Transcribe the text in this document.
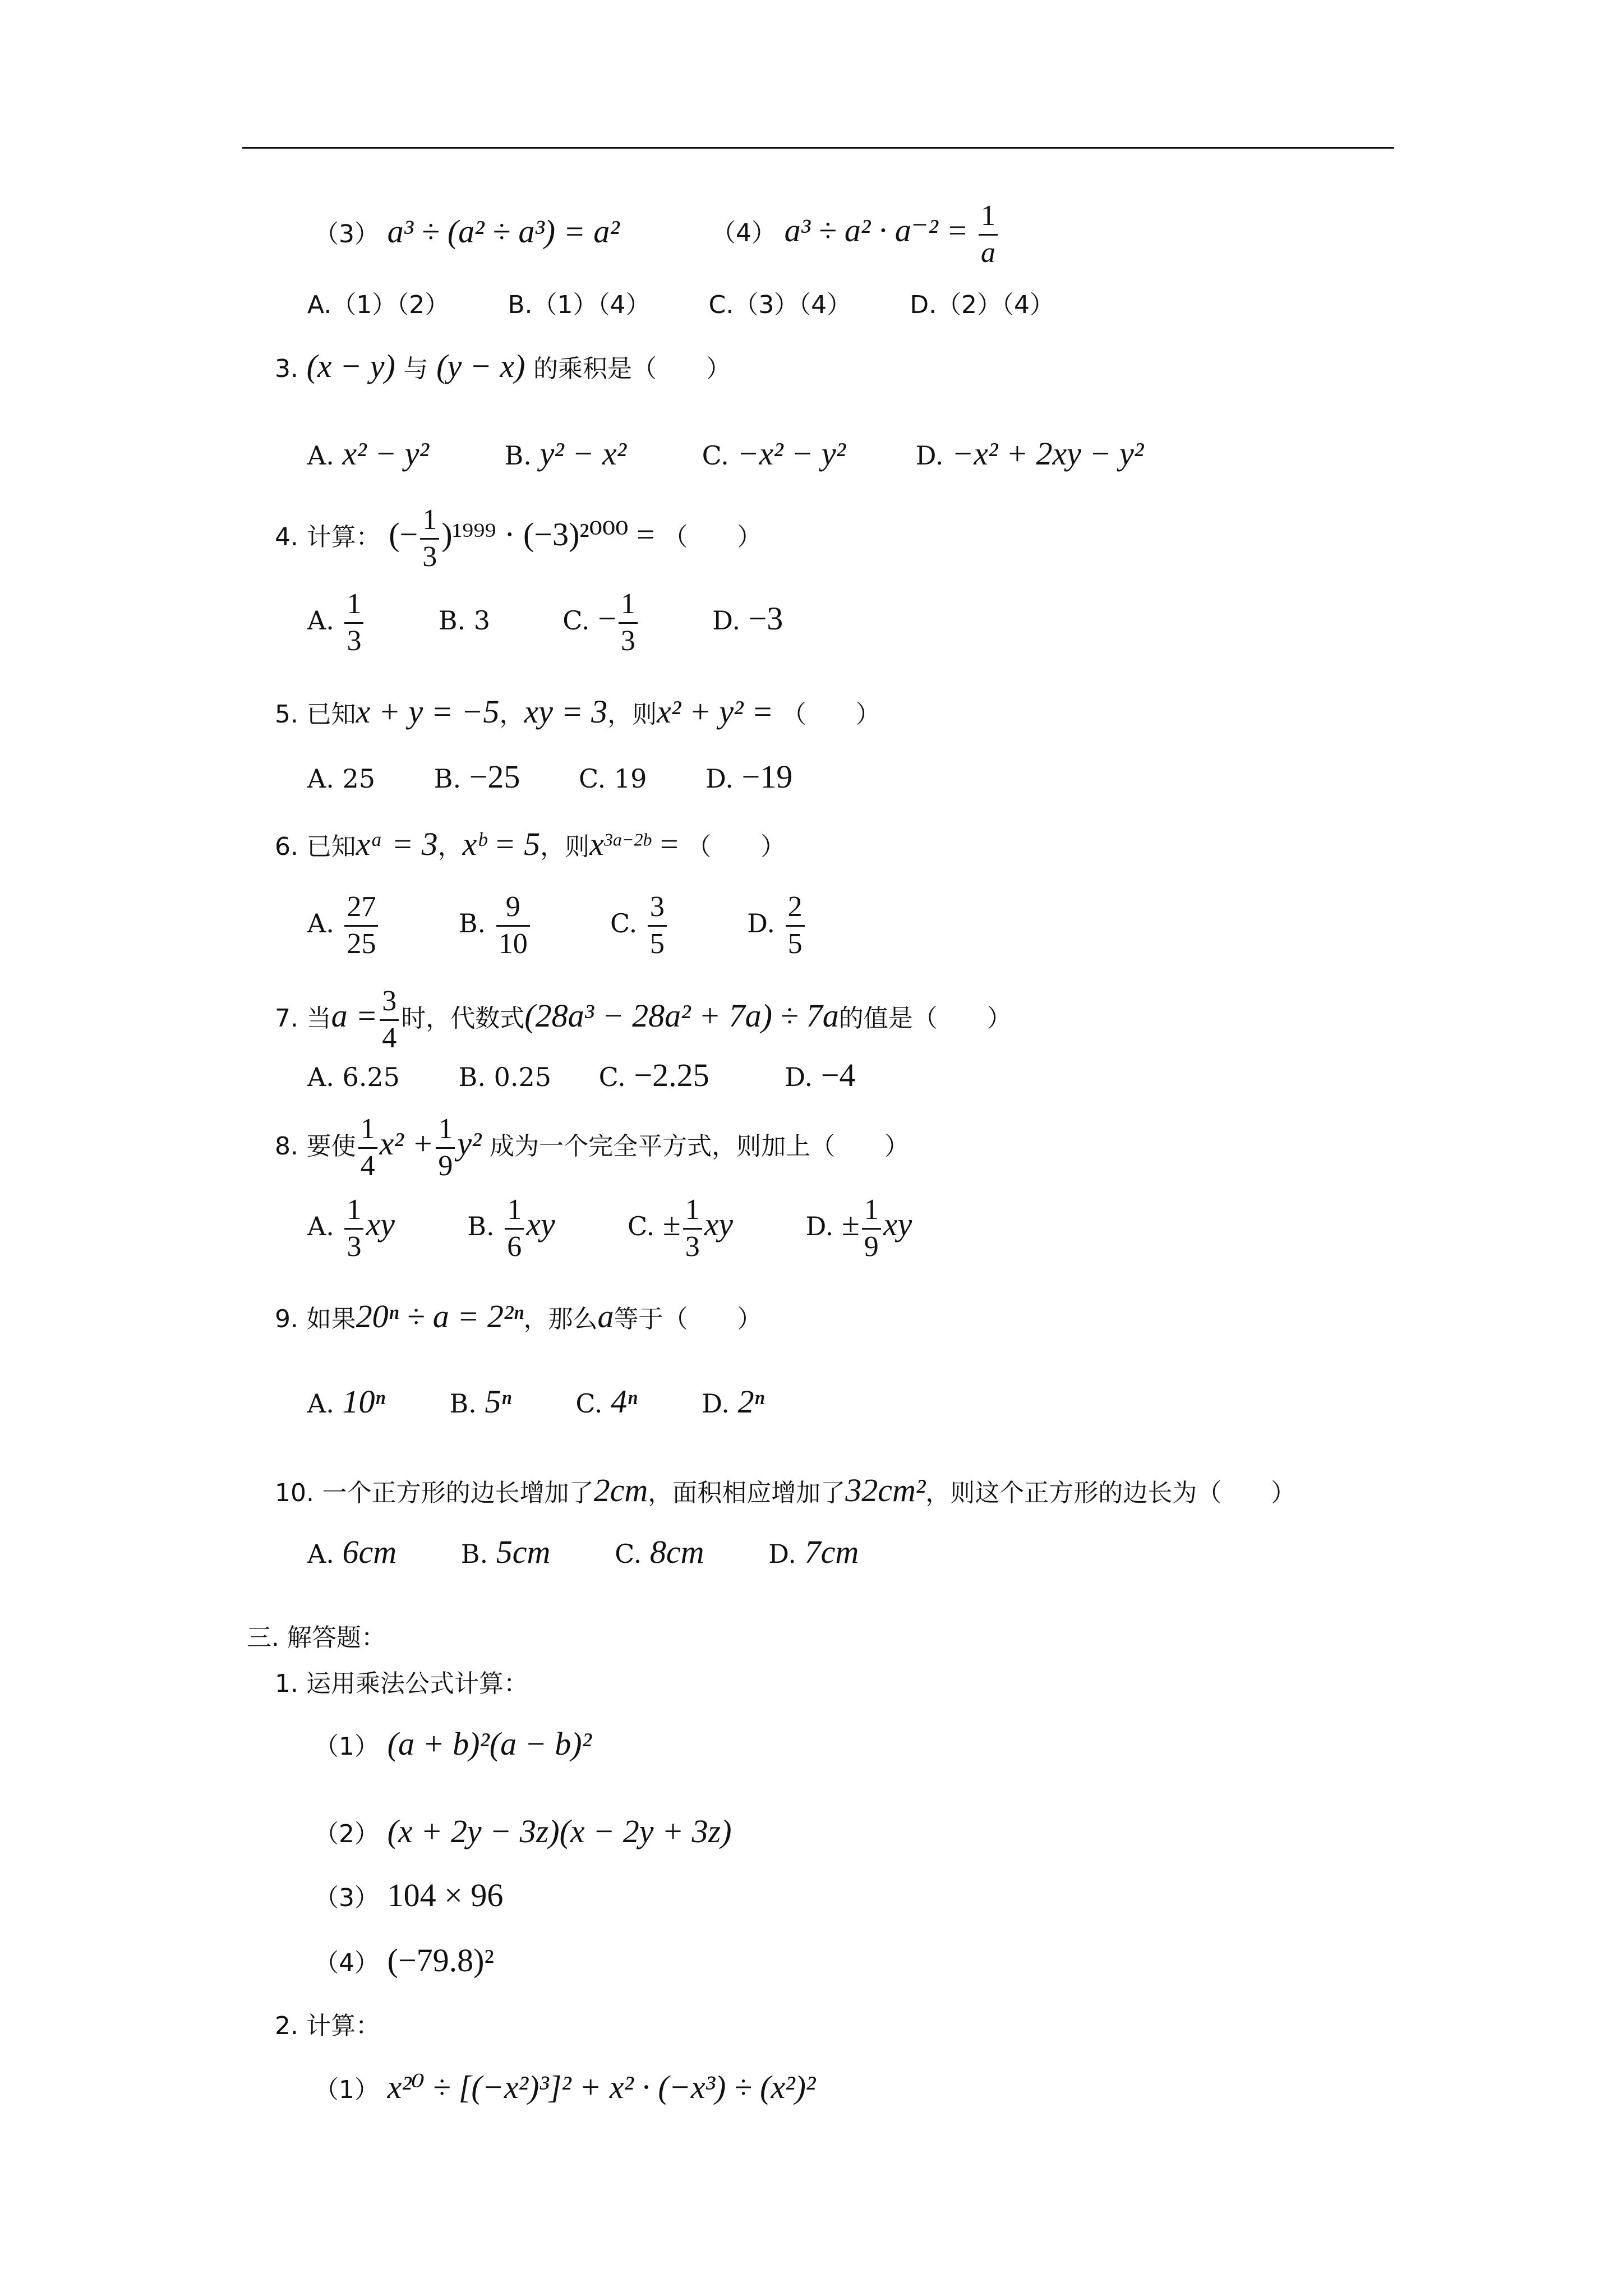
（3） a³ ÷ (a² ÷ a³) = a²	（4） $a^3 \div a^2 \cdot a^{-2} = \frac{1}{a}$
A.（1）（2） B.（1）（4） C.（3）（4） D.（2）（4）
3. (x − y) 与 (y − x) 的乘积是（　　）
A. x² − y²	B. y² − x²	C. −x² − y²	D. −x² + 2xy − y²
4. 计算： (− $\frac{1}{3} )^{1999} \cdot (-3)^{2000}$ = （　　）
A. $\frac{1}{3}$	B. 3	C. − $\frac{1}{3}$	D. −3
5. 已知x + y = −5，xy = 3，则x² + y² = （　　）
A. 25 B. −25 C. 19 D. −19
6. 已知xᵃ = 3，xᵇ = 5，则$x^{3a-2b}$ = （　　）
A. $\frac{27}{25}$	B. $\frac{9}{10}$	C. $\frac{3}{5}$	D. $\frac{2}{5}$
7. 当$a = \frac{3}{4}$ 时，代数式(28a³ − 28a² + 7a) ÷ 7a的值是（　　）
A. 6.25 B. 0.25 C. −2.25	D. −4
8. 要使 $\frac{1}{4} x^2 + \frac{1}{9} y^2$ 成为一个完全平方式，则加上（　　）
A. $\frac{1}{3}$ xy	B. $\frac{1}{6}$ xy	C. ± $\frac{1}{3}$ xy	D. ± $\frac{1}{9}$ xy
9. 如果20ⁿ ÷ a = 2²ⁿ，那么a等于（　　）
A. 10ⁿ B. 5ⁿ C. 4ⁿ D. 2ⁿ
10. 一个正方形的边长增加了2cm，面积相应增加了32cm²，则这个正方形的边长为（　　）
A. 6cm B. 5cm C. 8cm D. 7cm
三. 解答题：
1. 运用乘法公式计算：
（1） (a + b)²(a − b)²
（2） (x + 2y − 3z)(x − 2y + 3z)
（3） 104 × 96
（4） (−79.8)²
2. 计算：
（1） x²⁰ ÷ [(−x²)³]² + x² · (−x³) ÷ (x²)²
